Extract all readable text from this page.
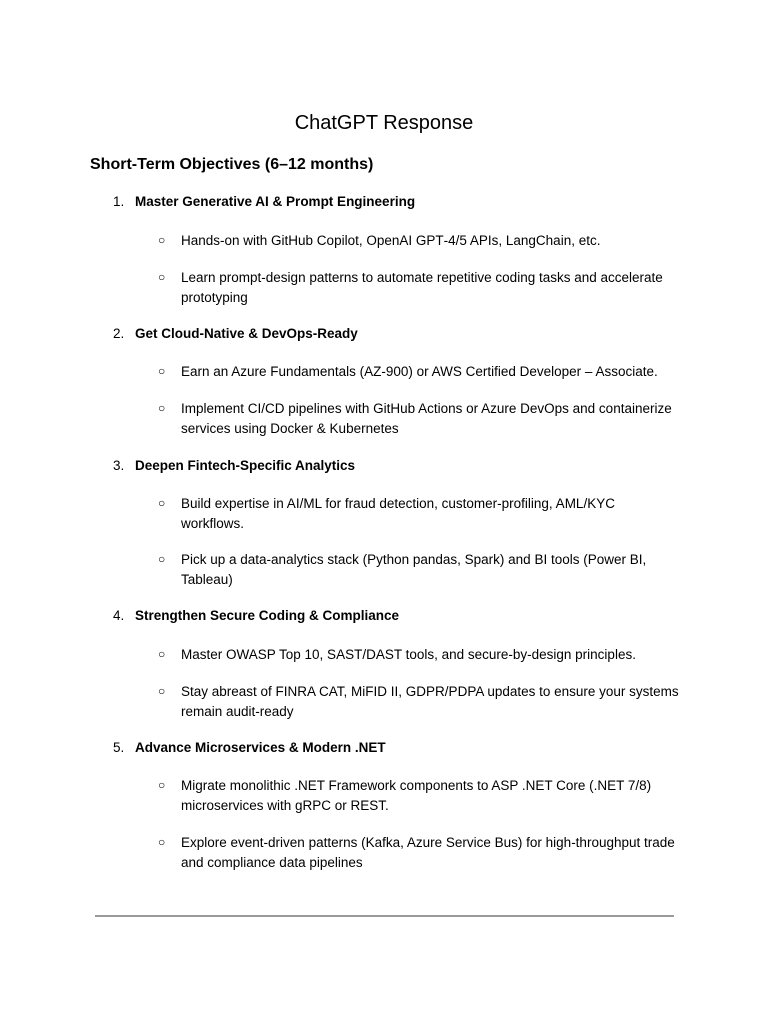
ChatGPT Response
Short‑Term Objectives (6–12 months)
1. Master Generative AI & Prompt Engineering
○ Hands‑on with GitHub Copilot, OpenAI GPT‑4/5 APIs, LangChain, etc.
○ Learn prompt‑design patterns to automate repetitive coding tasks and accelerate prototyping
2. Get Cloud‑Native & DevOps‑Ready
○ Earn an Azure Fundamentals (AZ‑900) or AWS Certified Developer – Associate.
○ Implement CI/CD pipelines with GitHub Actions or Azure DevOps and containerize services using Docker & Kubernetes
3. Deepen Fintech‑Specific Analytics
○ Build expertise in AI/ML for fraud detection, customer‑profiling, AML/KYC workflows.
○ Pick up a data‑analytics stack (Python pandas, Spark) and BI tools (Power BI, Tableau)
4. Strengthen Secure Coding & Compliance
○ Master OWASP Top 10, SAST/DAST tools, and secure‑by‑design principles.
○ Stay abreast of FINRA CAT, MiFID II, GDPR/PDPA updates to ensure your systems remain audit‑ready
5. Advance Microservices & Modern .NET
○ Migrate monolithic .NET Framework components to ASP .NET Core (.NET 7/8) microservices with gRPC or REST.
○ Explore event‑driven patterns (Kafka, Azure Service Bus) for high‑throughput trade and compliance data pipelines
